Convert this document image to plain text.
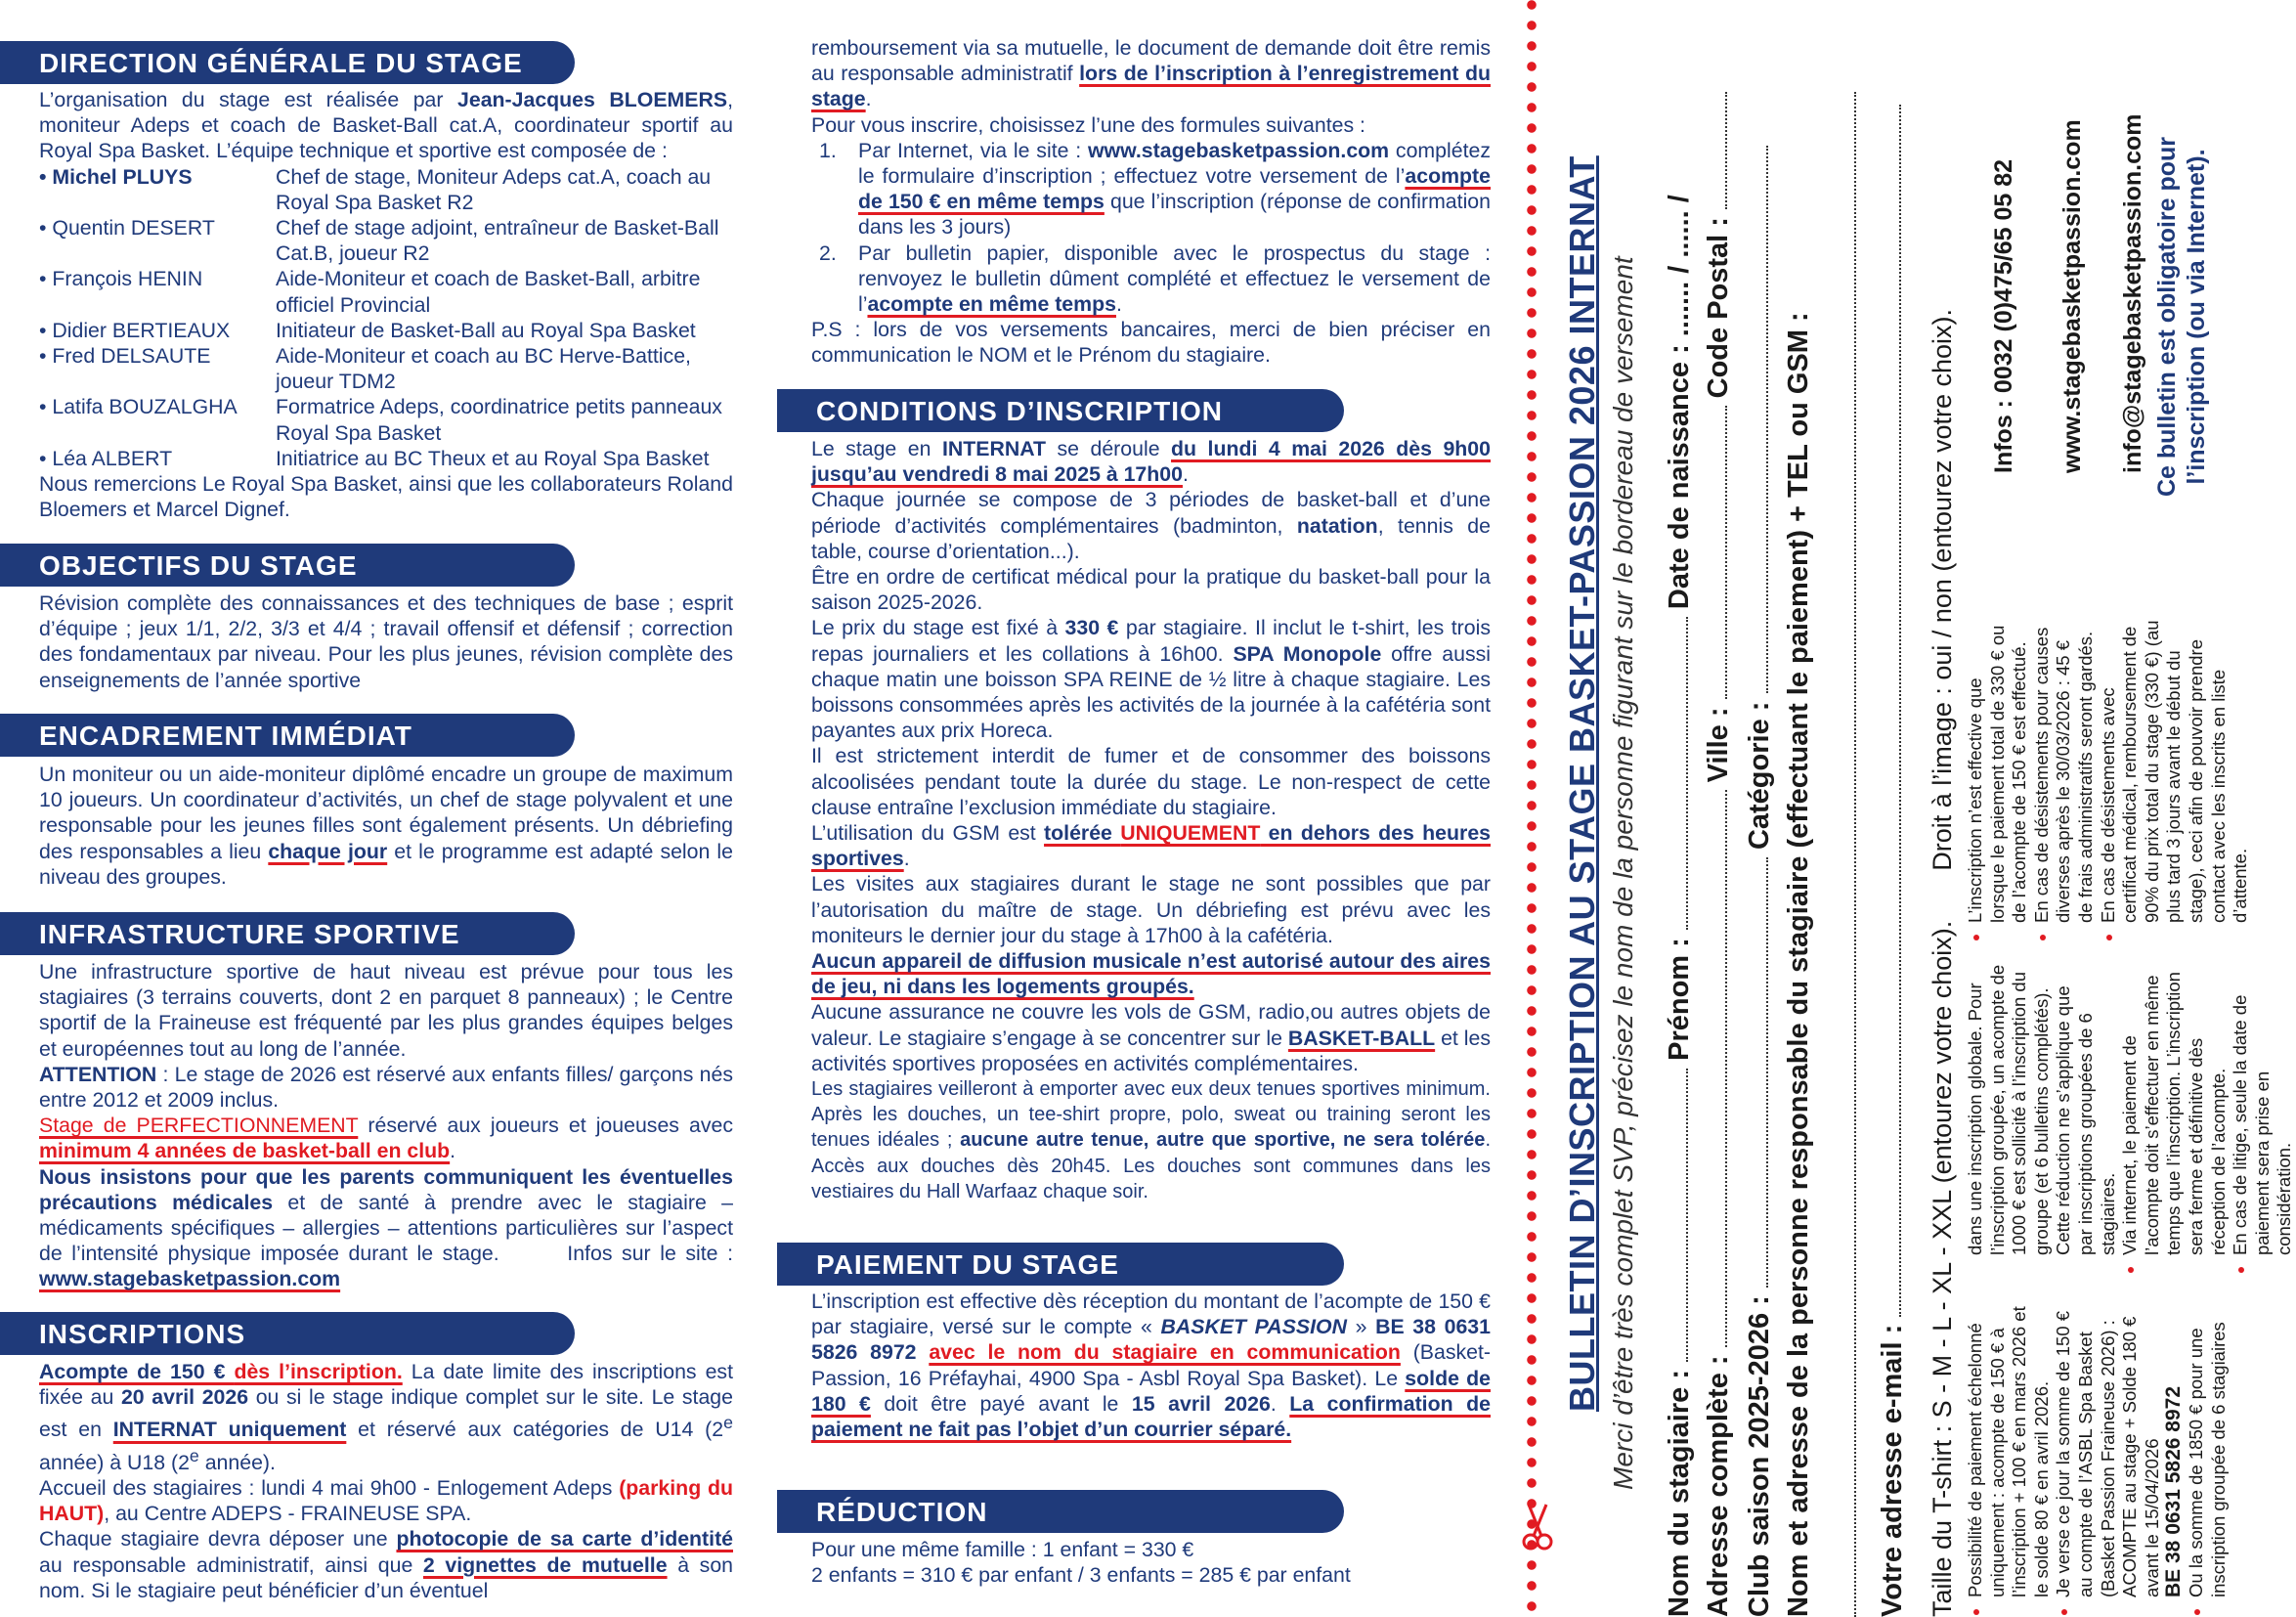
DIRECTION GÉNÉRALE DU STAGE

L’organisation du stage est réalisée par Jean-Jacques BLOEMERS, moniteur Adeps et coach de Basket-Ball cat.A, coordinateur sportif au Royal Spa Basket. L’équipe technique et sportive est composée de :

• Michel PLUYS	Chef de stage, Moniteur Adeps cat.A, coach au Royal Spa Basket R2
• Quentin DESERT	Chef de stage adjoint, entraîneur de Basket-Ball Cat.B, joueur R2
• François HENIN	Aide-Moniteur et coach de Basket-Ball, arbitre officiel Provincial
• Didier BERTIEAUX	Initiateur de Basket-Ball au Royal Spa Basket
• Fred DELSAUTE	Aide-Moniteur et coach au BC Herve-Battice, joueur TDM2
• Latifa BOUZALGHA	Formatrice Adeps, coordinatrice petits panneaux Royal Spa Basket
• Léa ALBERT	Initiatrice au BC Theux et au Royal Spa Basket

Nous remercions Le Royal Spa Basket, ainsi que les collaborateurs Roland Bloemers et Marcel Dignef.

OBJECTIFS DU STAGE

Révision complète des connaissances et des techniques de base ; esprit d’équipe ; jeux 1/1, 2/2, 3/3 et 4/4 ; travail offensif et défensif ; correction des fondamentaux par niveau. Pour les plus jeunes, révision complète des enseignements de l’année sportive

ENCADREMENT IMMÉDIAT

Un moniteur ou un aide-moniteur diplômé encadre un groupe de maximum 10 joueurs. Un coordinateur d’activités, un chef de stage polyvalent et une responsable pour les jeunes filles sont également présents. Un débriefing des responsables a lieu chaque jour et le programme est adapté selon le niveau des groupes.

INFRASTRUCTURE SPORTIVE

Une infrastructure sportive de haut niveau est prévue pour tous les stagiaires (3 terrains couverts, dont 2 en parquet 8 panneaux) ; le Centre sportif de la Fraineuse est fréquenté par les plus grandes équipes belges et européennes tout au long de l’année.

ATTENTION : Le stage de 2026 est réservé aux enfants filles/ garçons nés entre 2012 et 2009 inclus.

Stage de PERFECTIONNEMENT réservé aux joueurs et joueuses avec minimum 4 années de basket-ball en club.

Nous insistons pour que les parents communiquent les éventuelles précautions médicales et de santé à prendre avec le stagiaire – médicaments spécifiques – allergies – attentions particulières sur l’aspect de l’intensité physique imposée durant le stage.	Infos sur le site : www.stagebasketpassion.com

INSCRIPTIONS

Acompte de 150 € dès l’inscription. La date limite des inscriptions est fixée au 20 avril 2026 ou si le stage indique complet sur le site. Le stage est en INTERNAT uniquement et réservé aux catégories de U14 (2e année) à U18 (2e année).

Accueil des stagiaires : lundi 4 mai 9h00 - Enlogement Adeps (parking du HAUT), au Centre ADEPS - FRAINEUSE SPA.

Chaque stagiaire devra déposer une photocopie de sa carte d’identité au responsable administratif, ainsi que 2 vignettes de mutuelle à son nom. Si le stagiaire peut bénéficier d’un éventuel

remboursement via sa mutuelle, le document de demande doit être remis au responsable administratif lors de l’inscription à l’enregistrement du stage.

Pour vous inscrire, choisissez l’une des formules suivantes :

1.	Par Internet, via le site : www.stagebasketpassion.com complétez le formulaire d’inscription ; effectuez votre versement de l’acompte de 150 € en même temps que l’inscription (réponse de confirmation dans les 3 jours)
2.	Par bulletin papier, disponible avec le prospectus du stage : renvoyez le bulletin dûment complété et effectuez le versement de l’acompte en même temps.

P.S : lors de vos versements bancaires, merci de bien préciser en communication le NOM et le Prénom du stagiaire.

CONDITIONS D’INSCRIPTION

Le stage en INTERNAT se déroule du lundi 4 mai 2026 dès 9h00 jusqu’au vendredi 8 mai 2025 à 17h00.

Chaque journée se compose de 3 périodes de basket-ball et d’une période d’activités complémentaires (badminton, natation, tennis de table, course d’orientation...).

Être en ordre de certificat médical pour la pratique du basket-ball pour la saison 2025-2026.

Le prix du stage est fixé à 330 € par stagiaire. Il inclut le t-shirt, les trois repas journaliers et les collations à 16h00. SPA Monopole offre aussi chaque matin une boisson SPA REINE de ½ litre à chaque stagiaire. Les boissons consommées après les activités de la journée à la cafétéria sont payantes aux prix Horeca.

Il est strictement interdit de fumer et de consommer des boissons alcoolisées pendant toute la durée du stage. Le non-respect de cette clause entraîne l’exclusion immédiate du stagiaire.

L’utilisation du GSM est tolérée UNIQUEMENT en dehors des heures sportives.

Les visites aux stagiaires durant le stage ne sont possibles que par l’autorisation du maître de stage. Un débriefing est prévu avec les moniteurs le dernier jour du stage à 17h00 à la cafétéria.

Aucun appareil de diffusion musicale n’est autorisé autour des aires de jeu, ni dans les logements groupés.

Aucune assurance ne couvre les vols de GSM, radio,ou autres objets de valeur. Le stagiaire s’engage à se concentrer sur le BASKET-BALL et les activités sportives proposées en activités complémentaires.

Les stagiaires veilleront à emporter avec eux deux tenues sportives minimum. Après les douches, un tee-shirt propre, polo, sweat ou training seront les tenues idéales ; aucune autre tenue, autre que sportive, ne sera tolérée. Accès aux douches dès 20h45. Les douches sont communes dans les vestiaires du Hall Warfaaz chaque soir.

PAIEMENT DU STAGE

L’inscription est effective dès réception du montant de l’acompte de 150 € par stagiaire, versé sur le compte « BASKET PASSION » BE 38 0631 5826 8972 avec le nom du stagiaire en communication (Basket-Passion, 16 Préfayhai, 4900 Spa - Asbl Royal Spa Basket). Le solde de 180 € doit être payé avant le 15 avril 2026. La confirmation de paiement ne fait pas l’objet d’un courrier séparé.

RÉDUCTION

Pour une même famille : 1 enfant = 330 €

2 enfants = 310 € par enfant / 3 enfants = 285 € par enfant

BULLETIN D’INSCRIPTION AU STAGE BASKET-PASSION 2026 INTERNAT Merci d’être très complet SVP, précisez le nom de la personne figurant sur le bordereau de versement
Nom du stagiaire :  Prénom :  Date de naissance : ....... / ...... /
Adresse complète :  Ville :  Code Postal :
Club saison 2025-2026 :  Catégorie : Nom et adresse de la personne responsable du stagiaire (effectuant le paiement) + TEL ou GSM : Votre adresse e-mail : Taille du T-shirt : S - M - L - XL - XXL (entourez votre choix).  Droit à l’image : oui / non (entourez votre choix).
• Possibilité de paiement échelonné uniquement : acompte de 150 € à l’inscription + 100 € en mars 2026 et le solde 80 € en avril 2026. • Je verse ce jour la somme de 150 € au compte de l’ASBL Spa Basket (Basket Passion Fraineuse 2026) : ACOMPTE au stage + Solde 180 € avant le 15/04/2026 BE 38 0631 5826 8972 • Ou la somme de 1850 € pour une inscription groupée de 6 stagiaires
dans une inscription globale. Pour l’inscription groupée, un acompte de 1000 € est sollicité à l’inscription du groupe (et 6 bulletins complétés). Cette réduction ne s’applique que par inscriptions groupées de 6 stagiaires. • Via internet, le paiement de l’acompte doit s’effectuer en même temps que l’inscription. L’inscription sera ferme et définitive dès réception de l’acompte. • En cas de litige, seule la date de paiement sera prise en considération.
• L’inscription n’est effective que lorsque le paiement total de 330 € ou de l’acompte de 150 € est effectué. • En cas de désistements pour causes diverses après le 30/03/2026 : 45 € de frais administratifs seront gardés. • En cas de désistements avec certificat médical, remboursement de 90% du prix total du stage (330 €) (au plus tard 3 jours avant le début du stage), ceci afin de pouvoir prendre contact avec les inscrits en liste d’attente.
Infos : 0032 (0)475/65 05 82 www.stagebasketpassion.com info@stagebasketpassion.com Ce bulletin est obligatoire pour l’inscription (ou via Internet).
